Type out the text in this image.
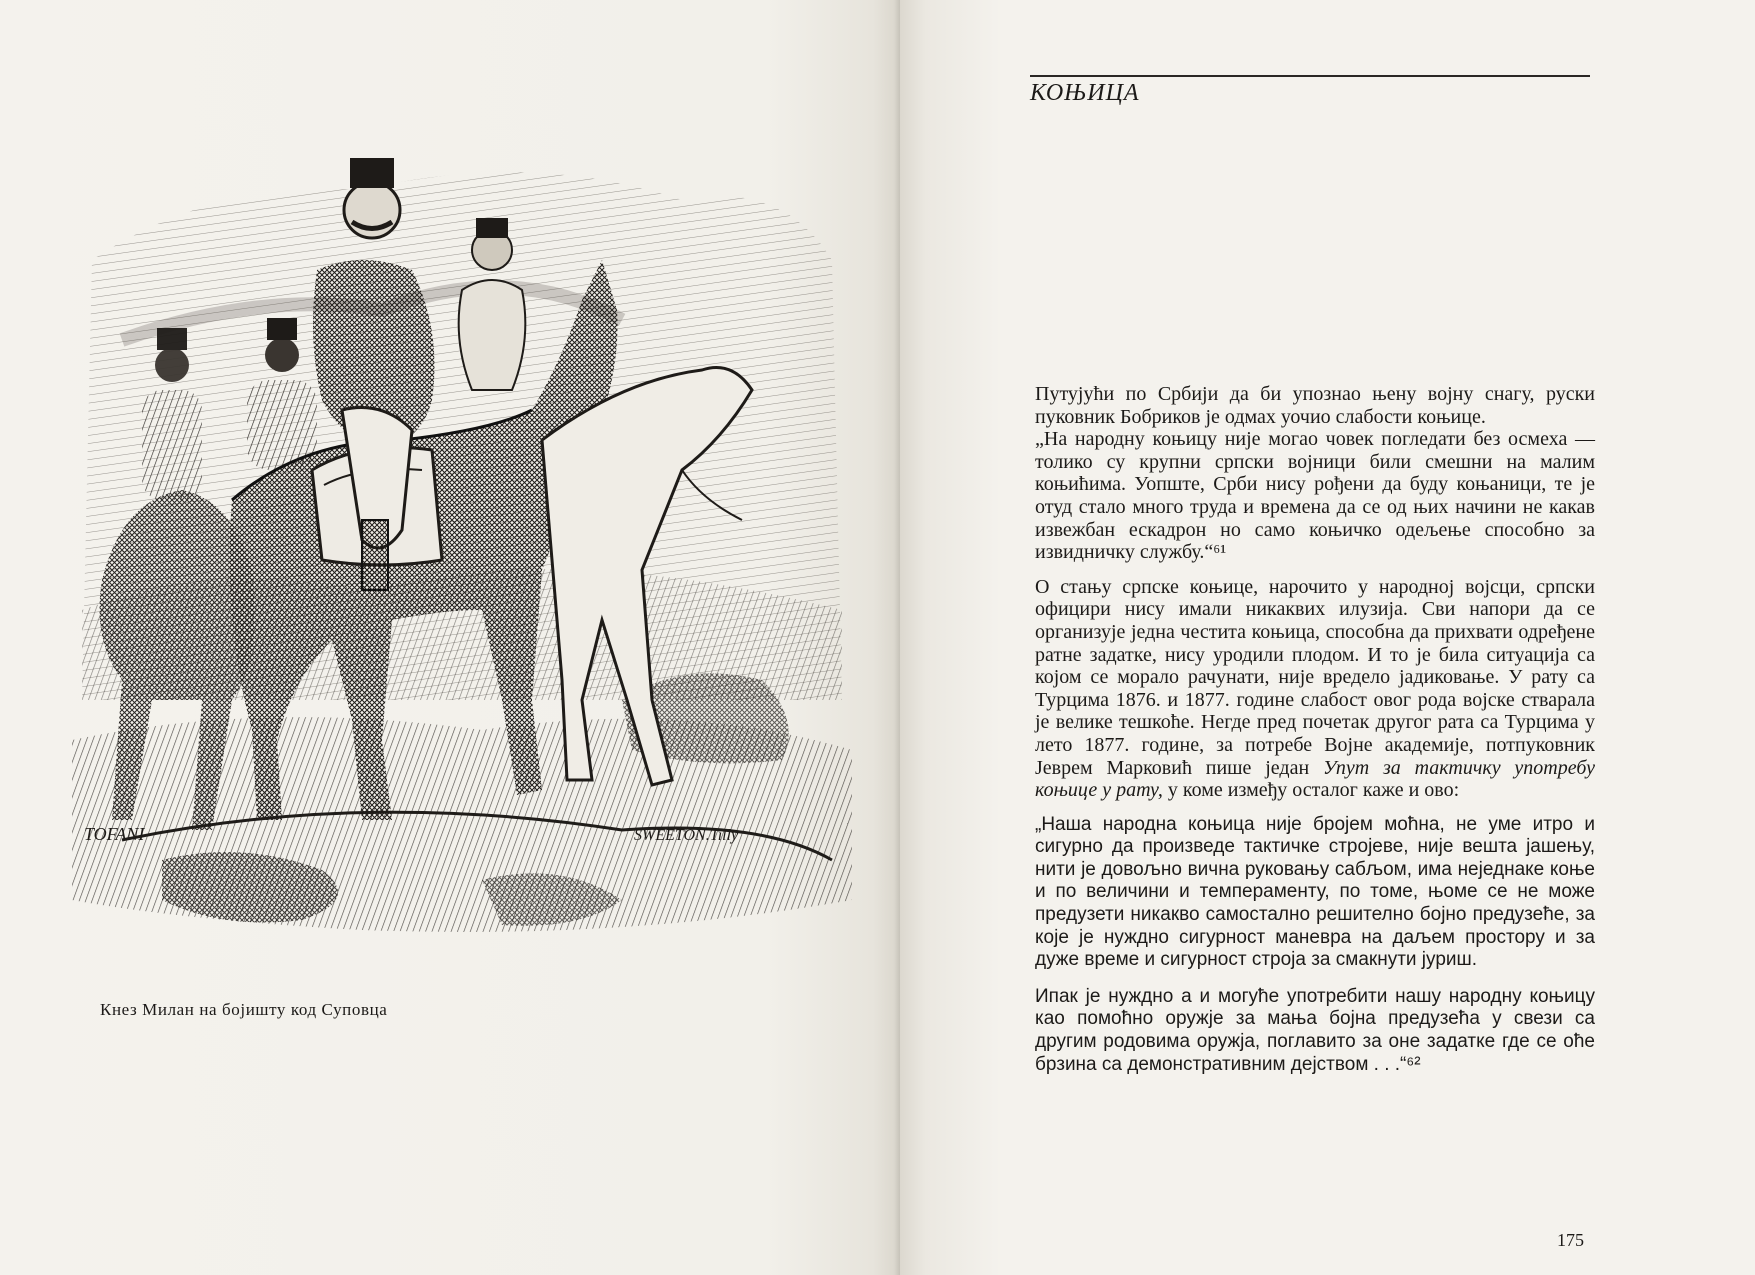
TOFANI	SWEETON.Tilly
Кнез Милан на бојишту код Суповца
КОЊИЦА

Путујући по Србији да би упознао њену војну снагу, руски пуковник Бобриков је одмах уочио слабости коњице.

„На народну коњицу није могао човек погледати без осмеха — толико су крупни српски војници били смешни на малим коњићима. Уопште, Срби нису рођени да буду коњаници, те је отуд стало много труда и времена да се од њих начини не какав извежбан ескадрон но само коњичко одељење способно за извидничку службу.“⁶¹

О стању српске коњице, нарочито у народној војсци, српски официри нису имали никаквих илузија. Сви напори да се организује једна честита коњица, способна да прихвати одређене ратне задатке, нису уродили плодом. И то је била ситуација са којом се морало рачунати, није вредело јадиковање. У рату са Турцима 1876. и 1877. године слабост овог рода војске стварала је велике тешкоће. Негде пред почетак другог рата са Турцима у лето 1877. године, за потребе Војне академије, потпуковник Јеврем Марковић пише један Упут за тактичку употребу коњице у рату, у коме између осталог каже и ово:

„Наша народна коњица није бројем моћна, не уме итро и сигурно да произведе тактичке стројеве, није вешта јашењу, нити је довољно вична руковању сабљом, има неједнаке коње и по величини и темпераменту, по томе, њоме се не може предузети никакво самостално решително бојно предузеће, за које је нуждно сигурност маневра на даљем простору и за дуже време и сигурност строја за смакнути јуриш.

Ипак је нуждно а и могуће употребити нашу народну коњицу као помоћно оружје за мања бојна предузећа у свези са другим родовима оружја, поглавито за оне задатке где се оће брзина са демонстративним дејством . . .“⁶²

175
